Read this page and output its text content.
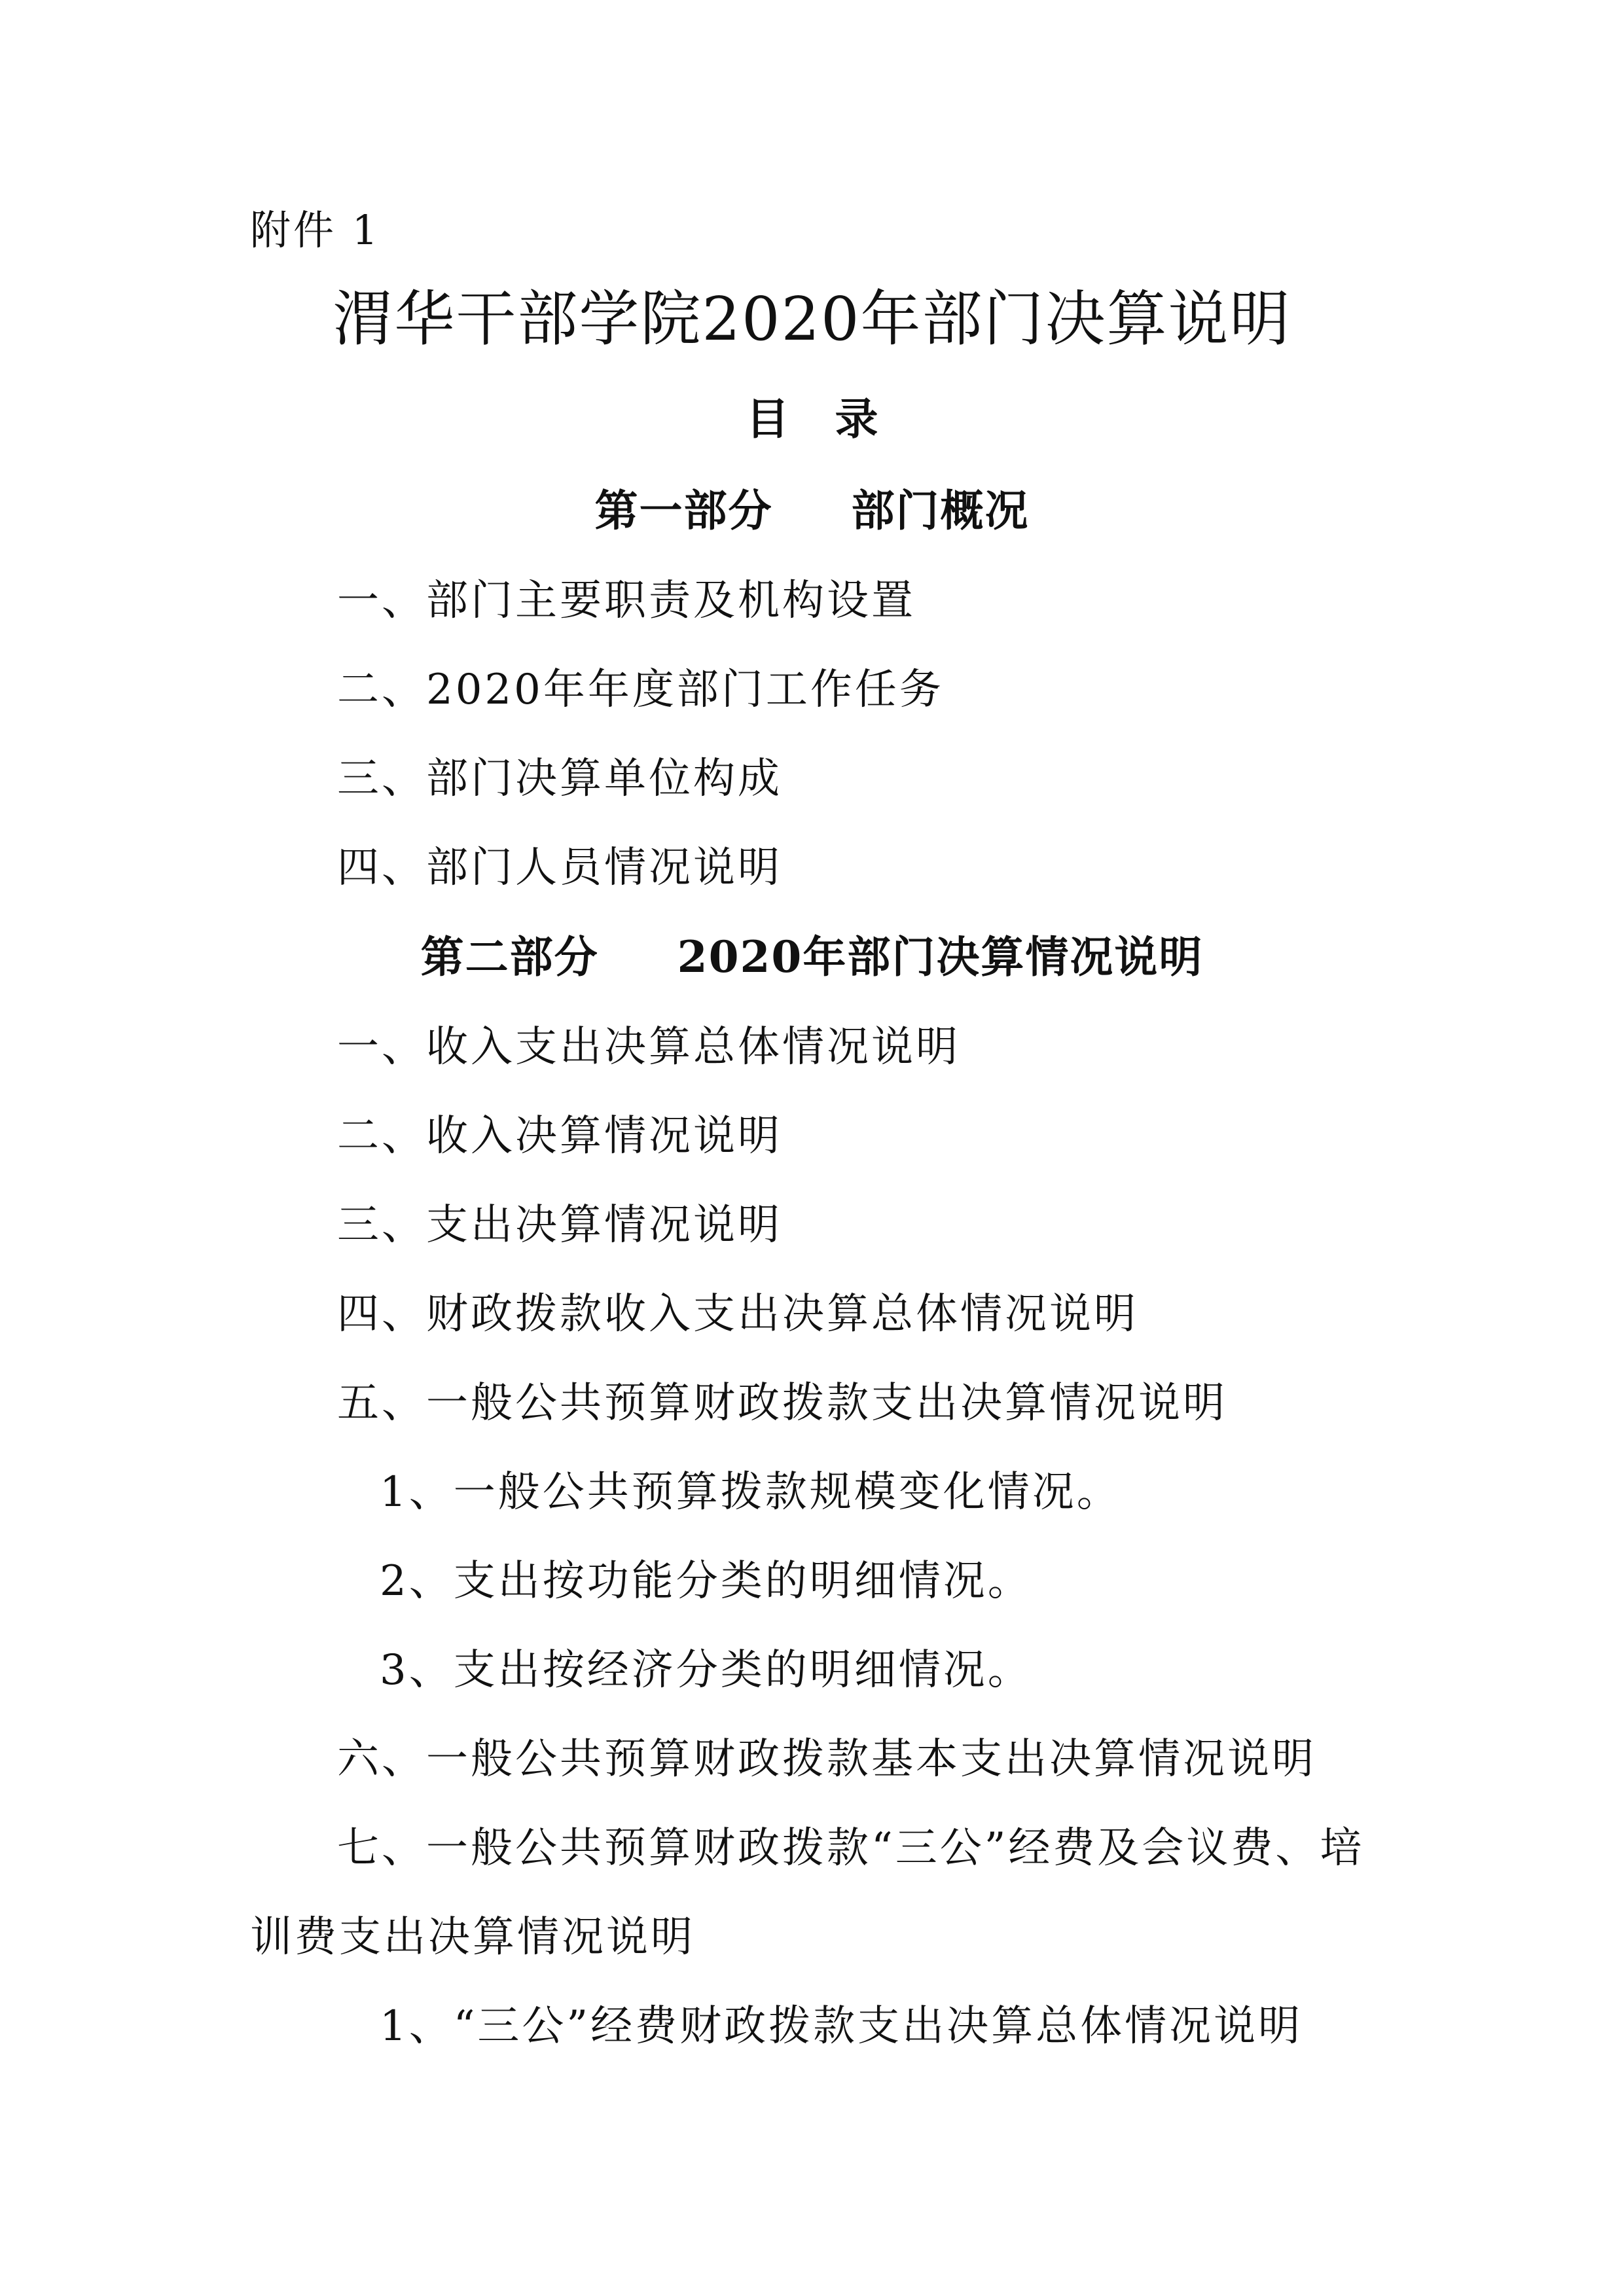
附件 1
渭华干部学院2020年部门决算说明
目 录
第一部分 部门概况
一、部门主要职责及机构设置
二、2020年年度部门工作任务
三、部门决算单位构成
四、部门人员情况说明
第二部分 2020年部门决算情况说明
一、收入支出决算总体情况说明
二、收入决算情况说明
三、支出决算情况说明
四、财政拨款收入支出决算总体情况说明
五、一般公共预算财政拨款支出决算情况说明
1、一般公共预算拨款规模变化情况。
2、支出按功能分类的明细情况。
3、支出按经济分类的明细情况。
六、一般公共预算财政拨款基本支出决算情况说明
七、一般公共预算财政拨款“三公”经费及会议费、培
训费支出决算情况说明
1、“三公”经费财政拨款支出决算总体情况说明
